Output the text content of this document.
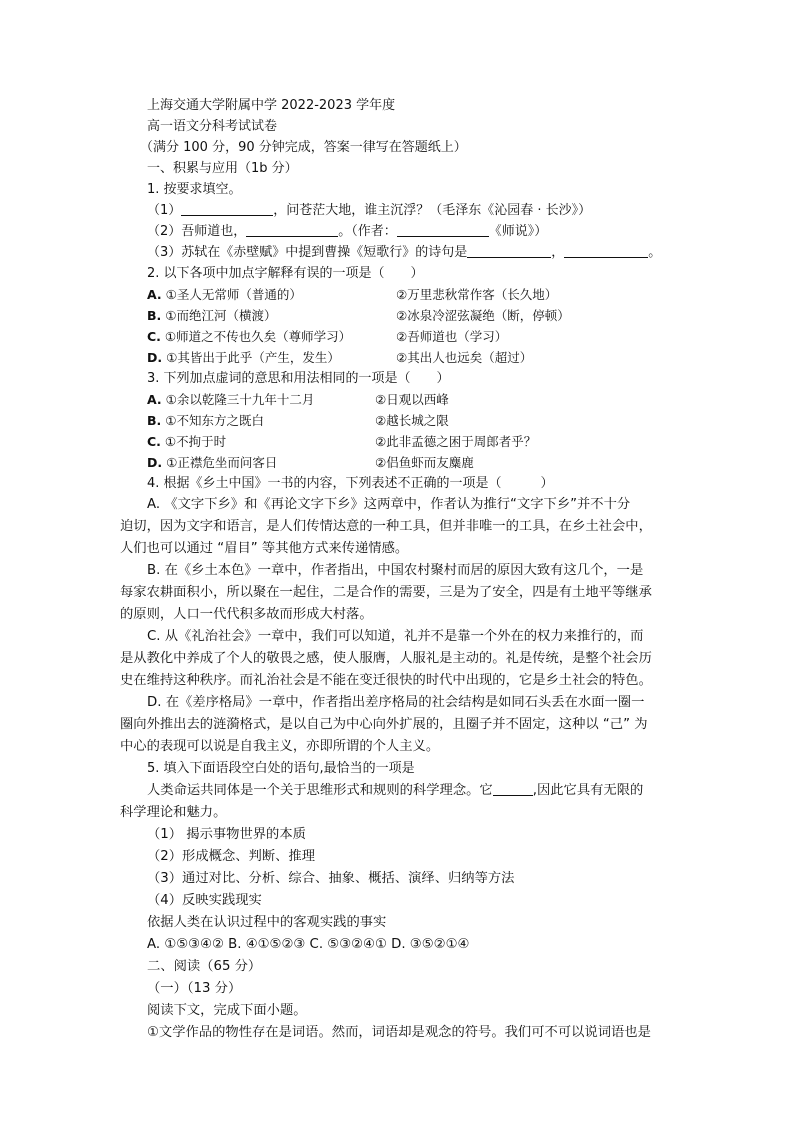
上海交通大学附属中学 2022-2023 学年度
高一语文分科考试试卷
（满分 100 分，90 分钟完成，答案一律写在答题纸上）
一、积累与应用（1b 分）
1. 按要求填空。
（1）	，问苍茫大地，谁主沉浮？（毛泽东《沁园春 · 长沙》）
（2）吾师道也，	。（作者：	《师说》）
（3）苏轼在《赤壁赋》中提到曹操《短歌行》的诗句是	，	。
2. 以下各项中加点字解释有误的一项是（　　）
A. ①圣人无常师（普通的）	②万里悲秋常作客（长久地）
B. ①而绝江河（横渡）	②冰泉冷涩弦凝绝（断，停顿）
C. ①师道之不传也久矣（尊师学习）	②吾师道也（学习）
D. ①其皆出于此乎（产生，发生）	②其出人也远矣（超过）
3. 下列加点虚词的意思和用法相同的一项是（　　）
A. ①余以乾隆三十九年十二月	②日观以西峰
B. ①不知东方之既白	②越长城之限
C. ①不拘于时	②此非孟德之困于周郎者乎？
D. ①正襟危坐而问客日	②侣鱼虾而友麋鹿
4. 根据《乡土中国》一书的内容，下列表述不正确的一项是（　　　）
A. 《文字下乡》和《再论文字下乡》这两章中，作者认为推行“文字下乡”并不十分
迫切，因为文字和语言，是人们传情达意的一种工具，但并非唯一的工具，在乡土社会中，
人们也可以通过 “眉目” 等其他方式来传递情感。
B. 在《乡土本色》一章中，作者指出，中国农村聚村而居的原因大致有这几个，一是
每家农耕面积小，所以聚在一起住，二是合作的需要，三是为了安全，四是有土地平等继承
的原则，人口一代代积多故而形成大村落。
C. 从《礼治社会》一章中，我们可以知道，礼并不是靠一个外在的权力来推行的，而
是从教化中养成了个人的敬畏之感，使人服膺，人服礼是主动的。礼是传统，是整个社会历
史在维持这种秩序。而礼治社会是不能在变迁很快的时代中出现的，它是乡土社会的特色。
D. 在《差序格局》一章中，作者指出差序格局的社会结构是如同石头丢在水面一圈一
圈向外推出去的涟漪格式，是以自己为中心向外扩展的，且圈子并不固定，这种以 “己” 为
中心的表现可以说是自我主义，亦即所谓的个人主义。
5. 填入下面语段空白处的语句,最恰当的一项是
人类命运共同体是一个关于思维形式和规则的科学理念。它	,因此它具有无限的
科学理论和魅力。
（1） 揭示事物世界的本质
（2）形成概念、判断、推理
（3）通过对比、分析、综合、抽象、概括、演绎、归纳等方法
（4）反映实践现实
依据人类在认识过程中的客观实践的事实
A. ①⑤③④② B. ④①⑤②③ C. ⑤③②④① D. ③⑤②①④
二、阅读（65 分）
（一）（13 分）
阅读下文，完成下面小题。
①文学作品的物性存在是词语。然而，词语却是观念的符号。我们可不可以说词语也是
